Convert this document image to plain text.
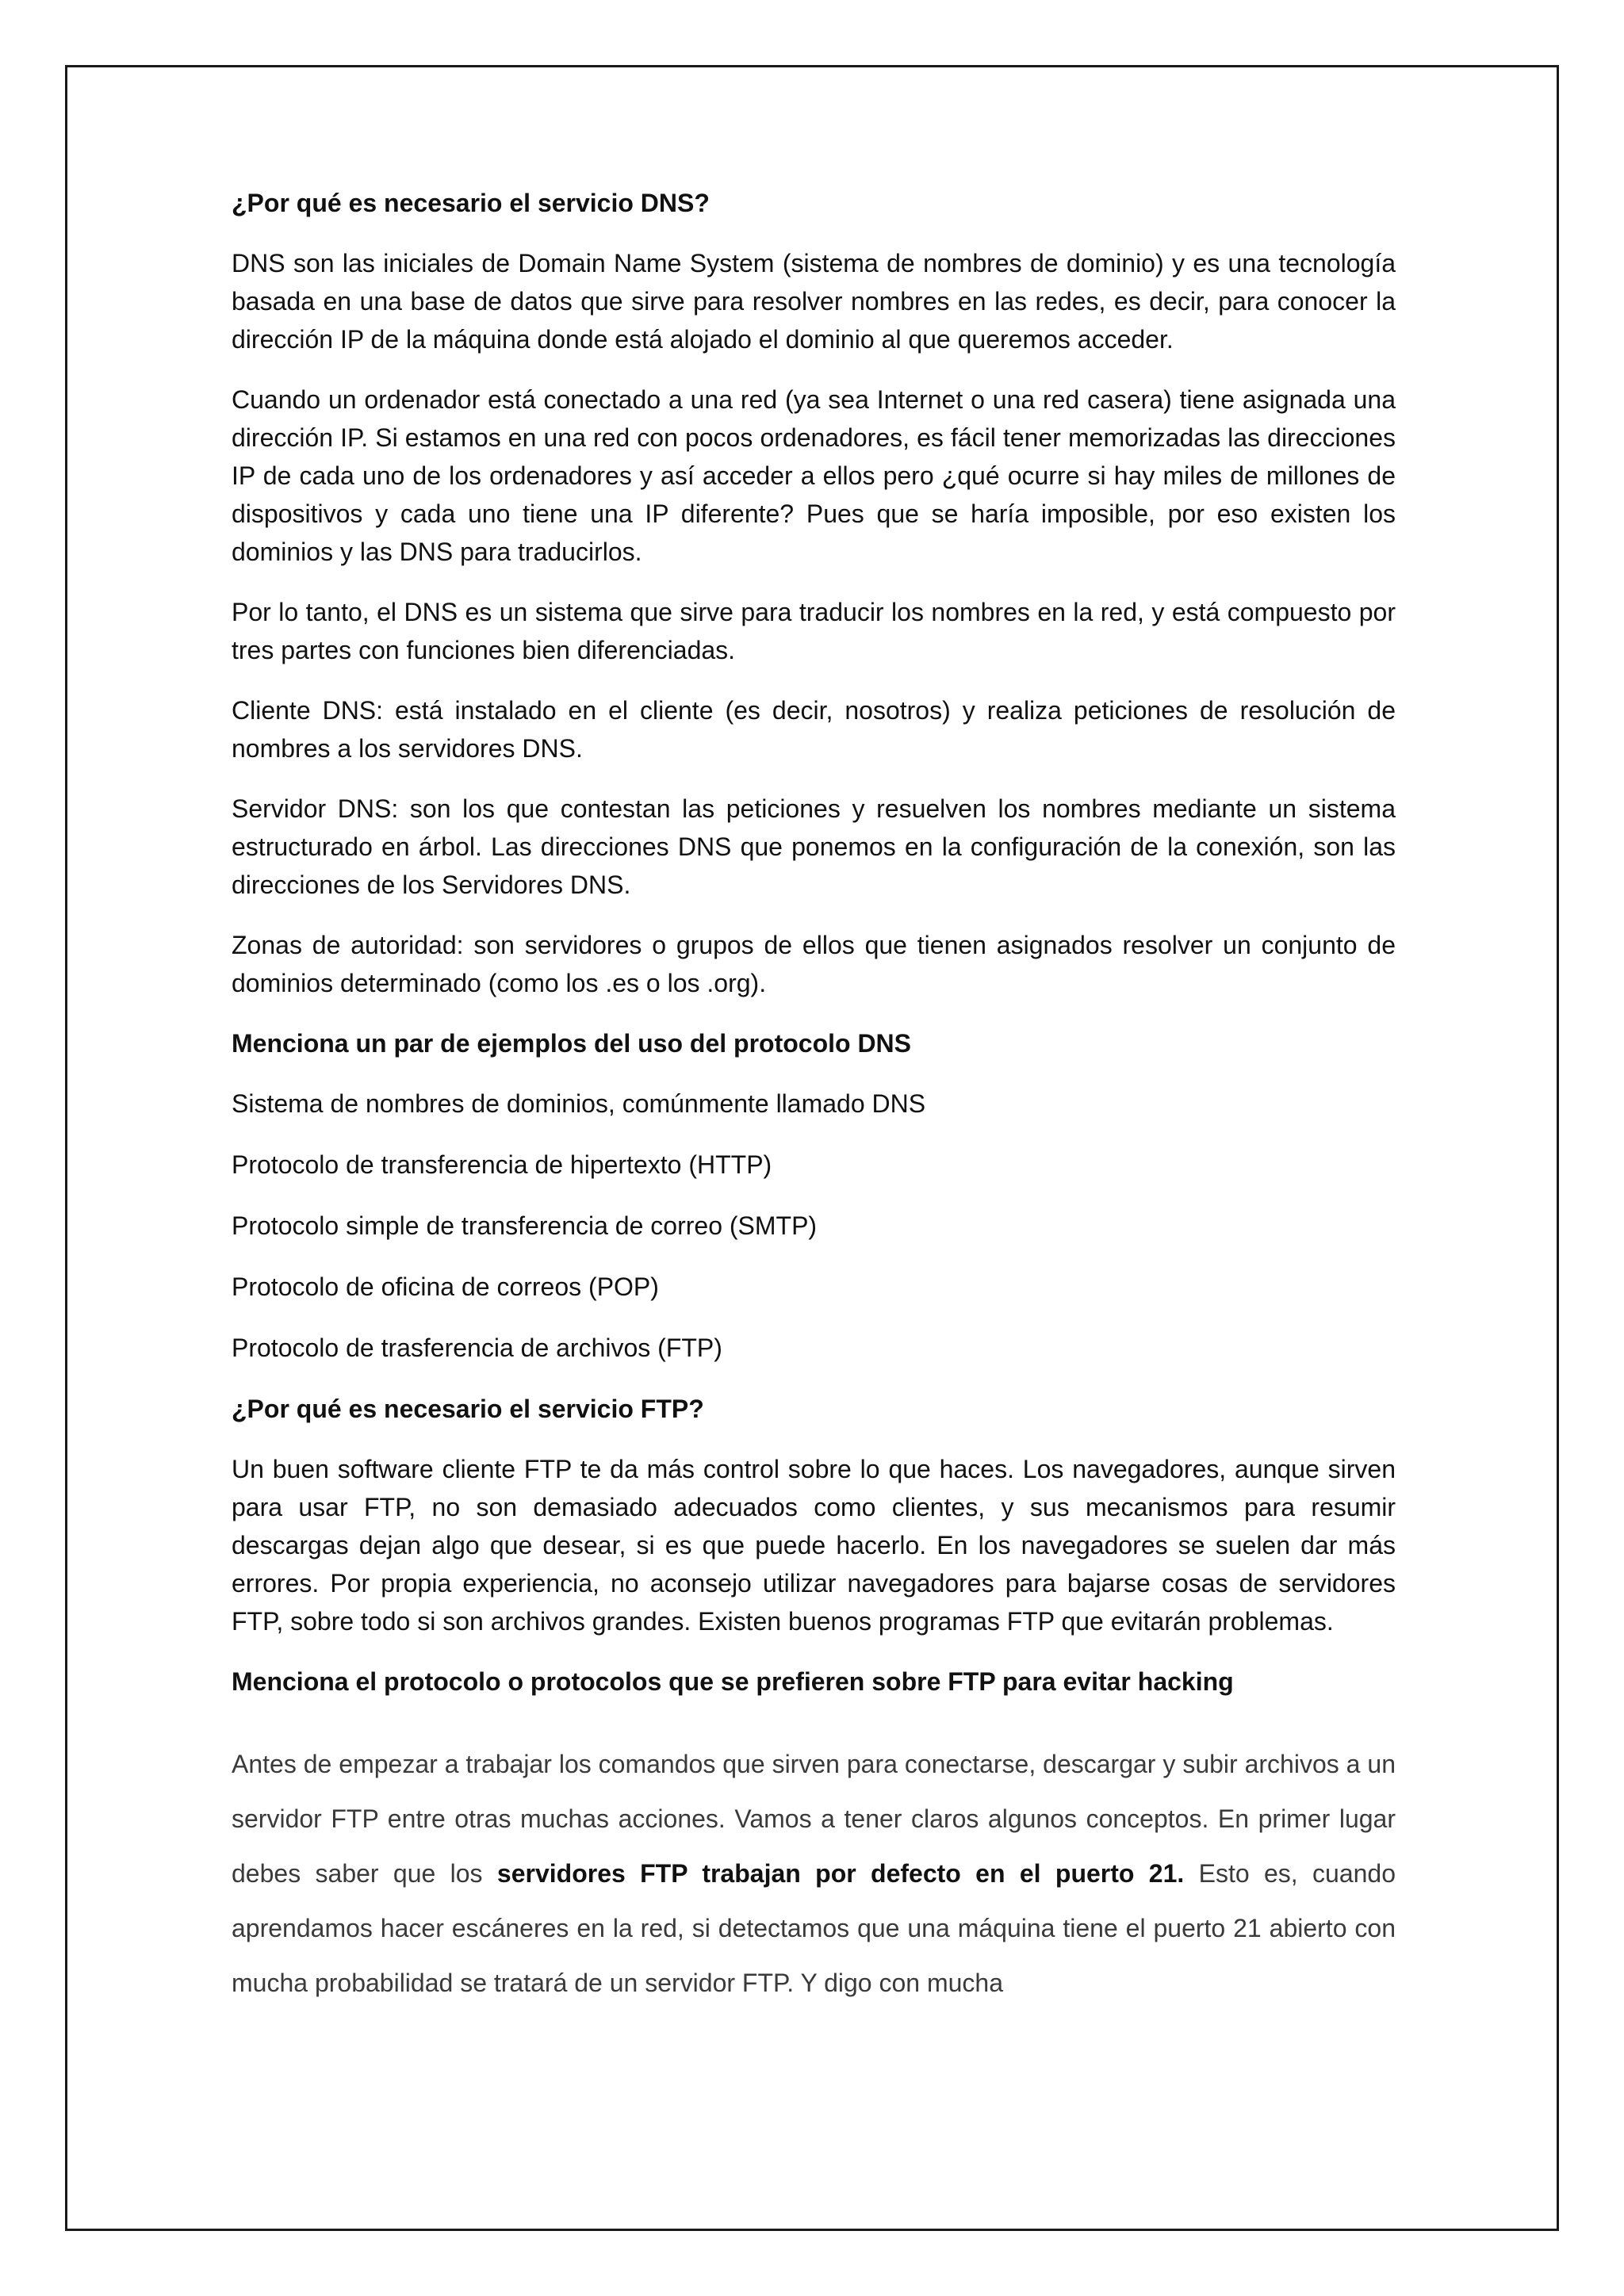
¿Por qué es necesario el servicio DNS?
DNS son las iniciales de Domain Name System (sistema de nombres de dominio) y es una tecnología basada en una base de datos que sirve para resolver nombres en las redes, es decir, para conocer la dirección IP de la máquina donde está alojado el dominio al que queremos acceder.
Cuando un ordenador está conectado a una red (ya sea Internet o una red casera) tiene asignada una dirección IP. Si estamos en una red con pocos ordenadores, es fácil tener memorizadas las direcciones IP de cada uno de los ordenadores y así acceder a ellos pero ¿qué ocurre si hay miles de millones de dispositivos y cada uno tiene una IP diferente? Pues que se haría imposible, por eso existen los dominios y las DNS para traducirlos.
Por lo tanto, el DNS es un sistema que sirve para traducir los nombres en la red, y está compuesto por tres partes con funciones bien diferenciadas.
Cliente DNS: está instalado en el cliente (es decir, nosotros) y realiza peticiones de resolución de nombres a los servidores DNS.
Servidor DNS: son los que contestan las peticiones y resuelven los nombres mediante un sistema estructurado en árbol. Las direcciones DNS que ponemos en la configuración de la conexión, son las direcciones de los Servidores DNS.
Zonas de autoridad: son servidores o grupos de ellos que tienen asignados resolver un conjunto de dominios determinado (como los .es o los .org).
Menciona un par de ejemplos del uso del protocolo DNS
Sistema de nombres de dominios, comúnmente llamado DNS
Protocolo de transferencia de hipertexto (HTTP)
Protocolo simple de transferencia de correo (SMTP)
Protocolo de oficina de correos (POP)
Protocolo de trasferencia de archivos (FTP)
¿Por qué es necesario el servicio FTP?
Un buen software cliente FTP te da más control sobre lo que haces. Los navegadores, aunque sirven para usar FTP, no son demasiado adecuados como clientes, y sus mecanismos para resumir descargas dejan algo que desear, si es que puede hacerlo. En los navegadores se suelen dar más errores. Por propia experiencia, no aconsejo utilizar navegadores para bajarse cosas de servidores FTP, sobre todo si son archivos grandes. Existen buenos programas FTP que evitarán problemas.
Menciona el protocolo o protocolos que se prefieren sobre FTP para evitar hacking
Antes de empezar a trabajar los comandos que sirven para conectarse, descargar y subir archivos a un servidor FTP entre otras muchas acciones. Vamos a tener claros algunos conceptos. En primer lugar debes saber que los servidores FTP trabajan por defecto en el puerto 21. Esto es, cuando aprendamos hacer escáneres en la red, si detectamos que una máquina tiene el puerto 21 abierto con mucha probabilidad se tratará de un servidor FTP. Y digo con mucha
